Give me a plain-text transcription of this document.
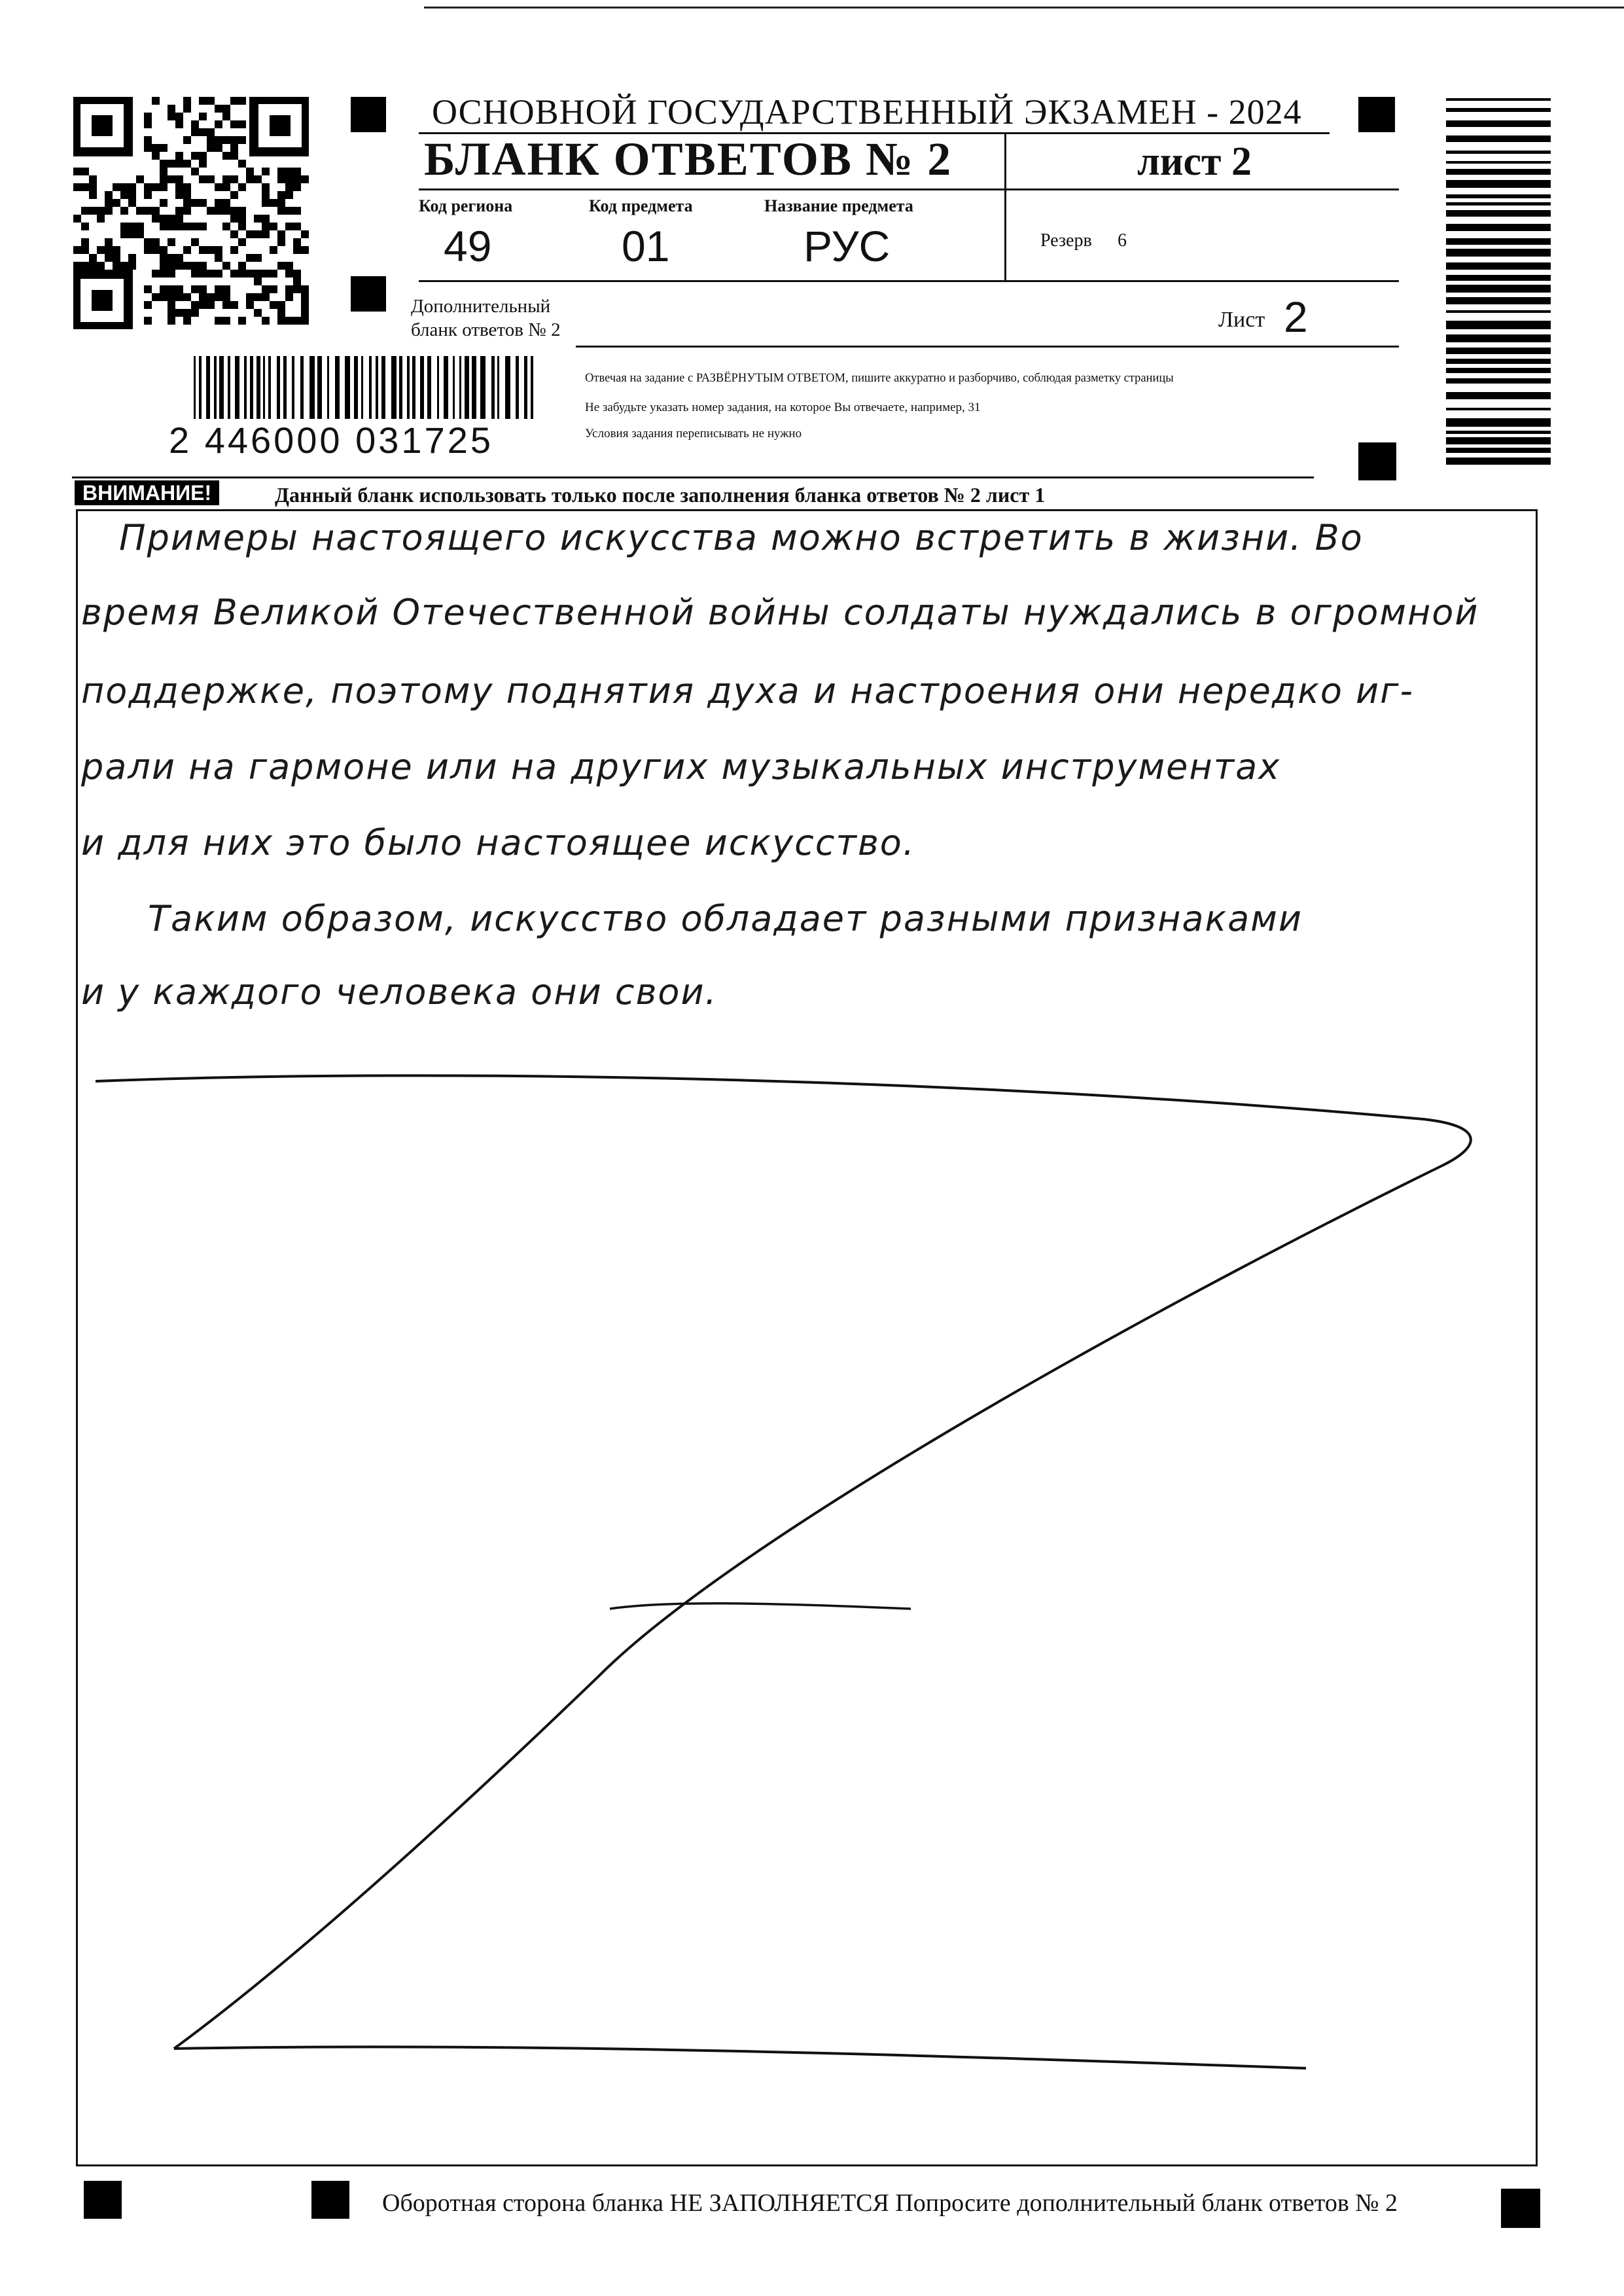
ОСНОВНОЙ ГОСУДАРСТВЕННЫЙ ЭКЗАМЕН - 2024
БЛАНК ОТВЕТОВ № 2	лист 2
Код региона
49
Код предмета
01
Название предмета
РУС	Резерв 6
Дополнительный
бланк ответов № 2	Лист 2
2 446000 031725
Отвечая на заданиe с РАЗВЁРНУТЫМ ОТВЕТОМ, пишите аккуратно и разборчиво, соблюдая разметку страницы
Не забудьте указать номер задания, на которое Вы отвечаете, например, 31
Условия задания переписывать не нужно
ВНИМАНИЕ!	Данный бланк использовать только после заполнения бланка ответов № 2 лист 1
Примеры настоящего искусства можно встретить в жизни. Во
время Великой Отечественной войны солдаты нуждались в огромной
поддержке, поэтому поднятия духа и настроения они нередко иг-
рали на гармоне или на других музыкальных инструментах
и для них это было настоящее искусство.
Таким образом, искусство обладает разными признаками
и у каждого человека они свои.
Оборотная сторона бланка НЕ ЗАПОЛНЯЕТСЯ Попросите дополнительный бланк ответов № 2
